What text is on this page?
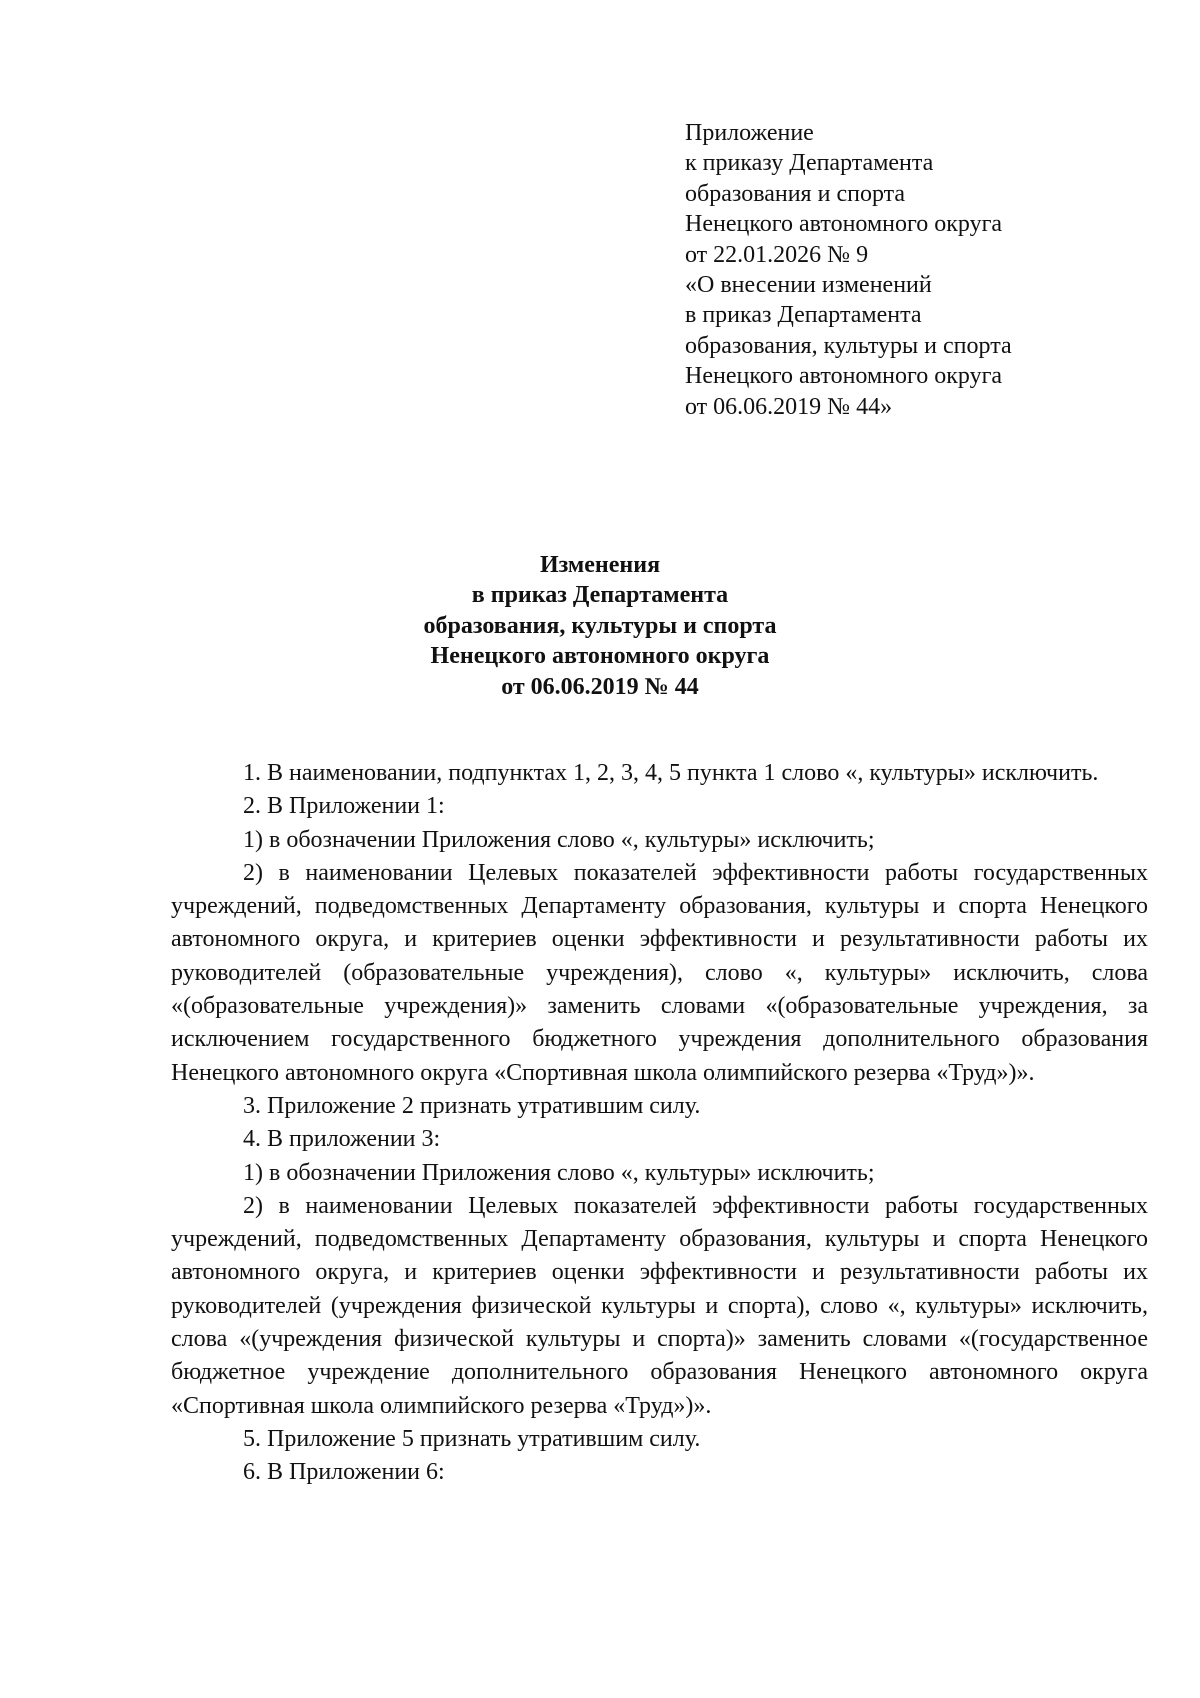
Приложение
к приказу Департамента
образования и спорта
Ненецкого автономного округа
от 22.01.2026 № 9
«О внесении изменений
в приказ Департамента
образования, культуры и спорта
Ненецкого автономного округа
от 06.06.2019 № 44»
Изменения
в приказ Департамента
образования, культуры и спорта
Ненецкого автономного округа
от 06.06.2019 № 44

1. В наименовании, подпунктах 1, 2, 3, 4, 5 пункта 1 слово «, культуры» исключить.

2. В Приложении 1:

1) в обозначении Приложения слово «, культуры» исключить;

2) в наименовании Целевых показателей эффективности работы государственных учреждений, подведомственных Департаменту образования, культуры и спорта Ненецкого автономного округа, и критериев оценки эффективности и результативности работы их руководителей (образовательные учреждения), слово «, культуры» исключить, слова «(образовательные учреждения)» заменить словами «(образовательные учреждения, за исключением государственного бюджетного учреждения дополнительного образования Ненецкого автономного округа «Спортивная школа олимпийского резерва «Труд»)».

3. Приложение 2 признать утратившим силу.

4. В приложении 3:

1) в обозначении Приложения слово «, культуры» исключить;

2) в наименовании Целевых показателей эффективности работы государственных учреждений, подведомственных Департаменту образования, культуры и спорта Ненецкого автономного округа, и критериев оценки эффективности и результативности работы их руководителей (учреждения физической культуры и спорта), слово «, культуры» исключить, слова «(учреждения физической культуры и спорта)» заменить словами «(государственное бюджетное учреждение дополнительного образования Ненецкого автономного округа «Спортивная школа олимпийского резерва «Труд»)».

5. Приложение 5 признать утратившим силу.

6. В Приложении 6:
